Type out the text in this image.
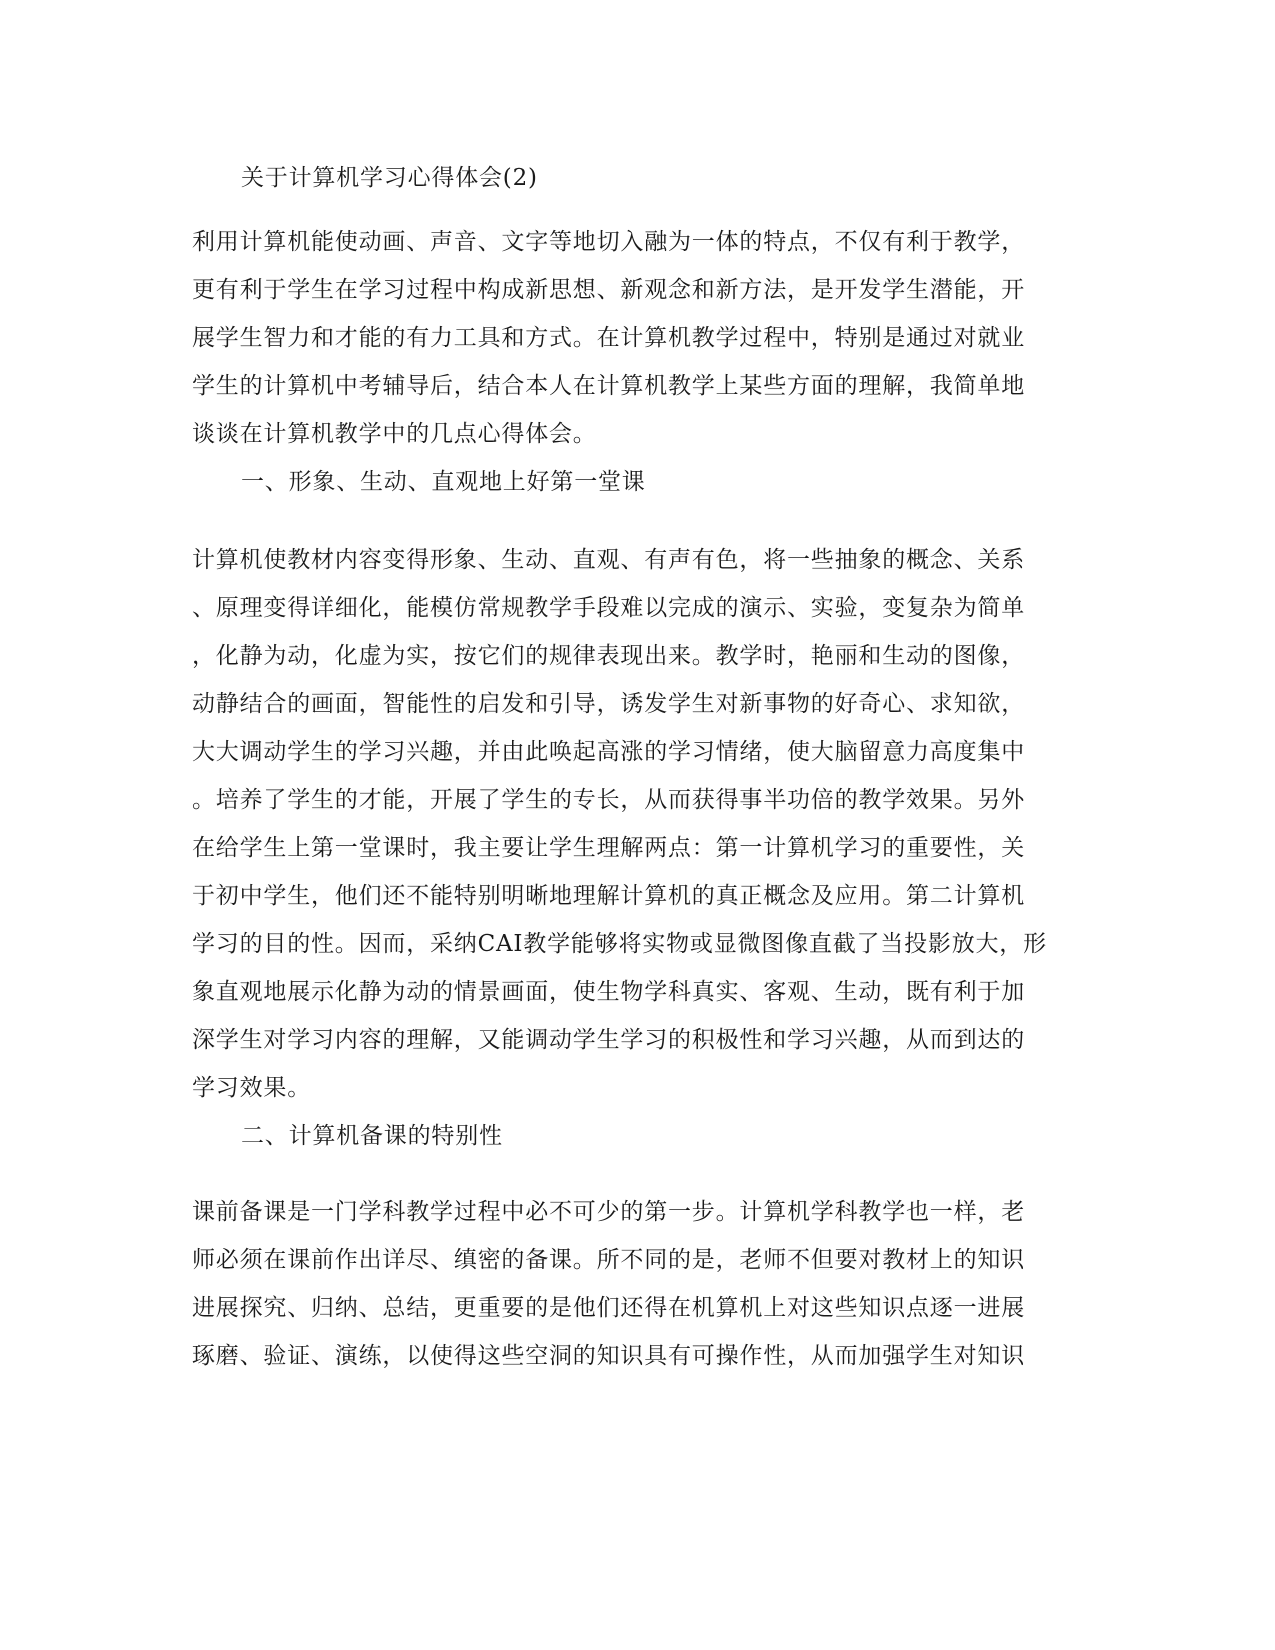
关于计算机学习心得体会(2)
利用计算机能使动画、声音、文字等地切入融为一体的特点，不仅有利于教学，
更有利于学生在学习过程中构成新思想、新观念和新方法，是开发学生潜能，开
展学生智力和才能的有力工具和方式。在计算机教学过程中，特别是通过对就业
学生的计算机中考辅导后，结合本人在计算机教学上某些方面的理解，我简单地
谈谈在计算机教学中的几点心得体会。
一、形象、生动、直观地上好第一堂课
计算机使教材内容变得形象、生动、直观、有声有色，将一些抽象的概念、关系
、原理变得详细化，能模仿常规教学手段难以完成的演示、实验，变复杂为简单
，化静为动，化虚为实，按它们的规律表现出来。教学时，艳丽和生动的图像，
动静结合的画面，智能性的启发和引导，诱发学生对新事物的好奇心、求知欲，
大大调动学生的学习兴趣，并由此唤起高涨的学习情绪，使大脑留意力高度集中
。培养了学生的才能，开展了学生的专长，从而获得事半功倍的教学效果。另外
在给学生上第一堂课时，我主要让学生理解两点：第一计算机学习的重要性，关
于初中学生，他们还不能特别明晰地理解计算机的真正概念及应用。第二计算机
学习的目的性。因而，采纳CAI教学能够将实物或显微图像直截了当投影放大，形
象直观地展示化静为动的情景画面，使生物学科真实、客观、生动，既有利于加
深学生对学习内容的理解，又能调动学生学习的积极性和学习兴趣，从而到达的
学习效果。
二、计算机备课的特别性
课前备课是一门学科教学过程中必不可少的第一步。计算机学科教学也一样，老
师必须在课前作出详尽、缜密的备课。所不同的是，老师不但要对教材上的知识
进展探究、归纳、总结，更重要的是他们还得在机算机上对这些知识点逐一进展
琢磨、验证、演练，以使得这些空洞的知识具有可操作性，从而加强学生对知识
